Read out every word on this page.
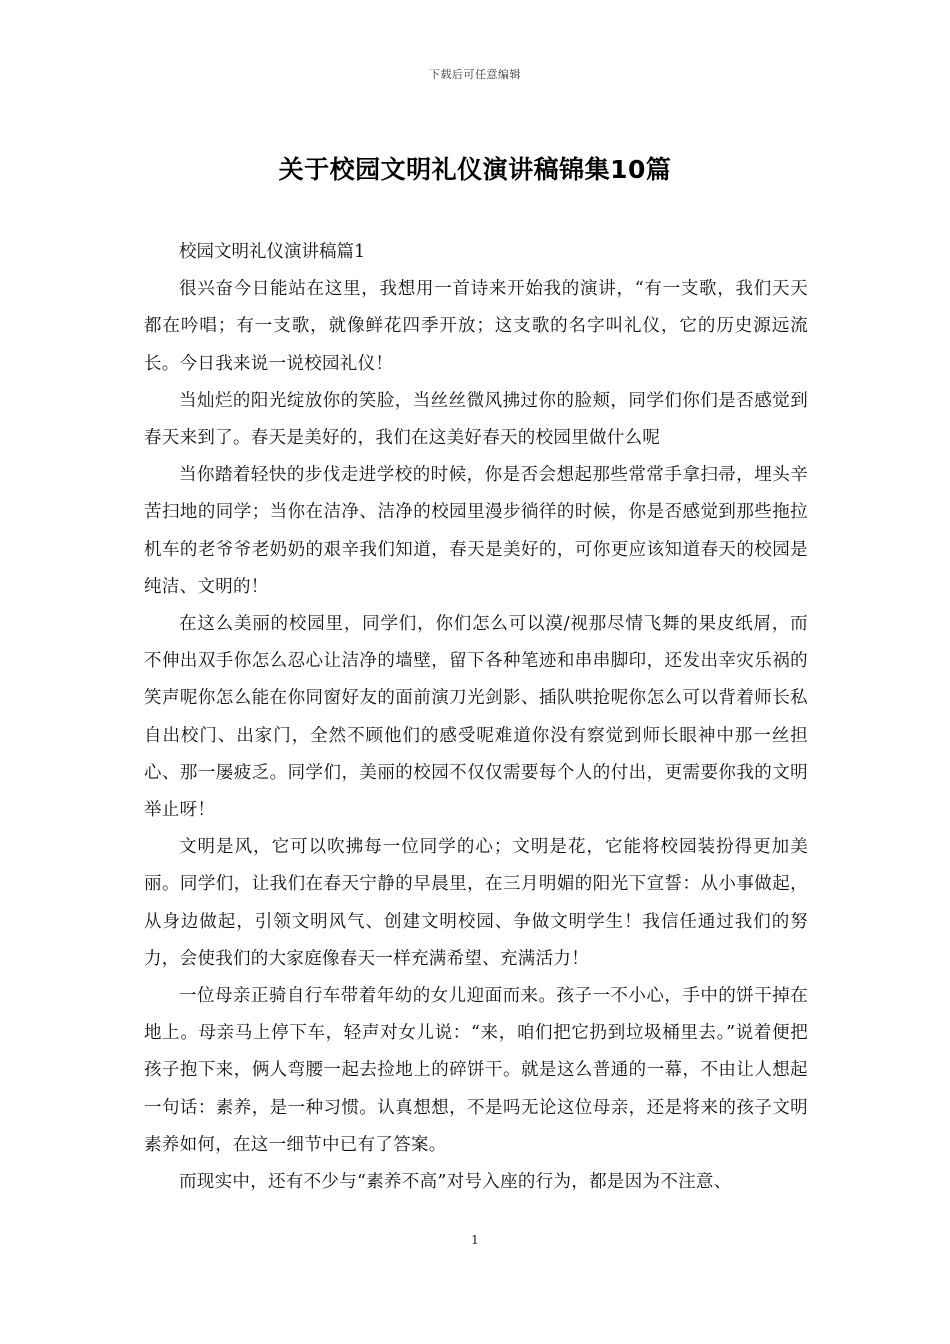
下载后可任意编辑
关于校园文明礼仪演讲稿锦集10篇

校园文明礼仪演讲稿篇1

很兴奋今日能站在这里，我想用一首诗来开始我的演讲，“有一支歌，我们天天都在吟唱；有一支歌，就像鲜花四季开放；这支歌的名字叫礼仪，它的历史源远流长。今日我来说一说校园礼仪！

当灿烂的阳光绽放你的笑脸，当丝丝微风拂过你的脸颊，同学们你们是否感觉到春天来到了。春天是美好的，我们在这美好春天的校园里做什么呢

当你踏着轻快的步伐走进学校的时候，你是否会想起那些常常手拿扫帚，埋头辛苦扫地的同学；当你在洁净、洁净的校园里漫步徜徉的时候，你是否感觉到那些拖拉机车的老爷爷老奶奶的艰辛我们知道，春天是美好的，可你更应该知道春天的校园是纯洁、文明的！

在这么美丽的校园里，同学们，你们怎么可以漠/视那尽情飞舞的果皮纸屑，而不伸出双手你怎么忍心让洁净的墙壁，留下各种笔迹和串串脚印，还发出幸灾乐祸的笑声呢你怎么能在你同窗好友的面前演刀光剑影、插队哄抢呢你怎么可以背着师长私自出校门、出家门，全然不顾他们的感受呢难道你没有察觉到师长眼神中那一丝担心、那一屡疲乏。同学们，美丽的校园不仅仅需要每个人的付出，更需要你我的文明举止呀！

文明是风，它可以吹拂每一位同学的心；文明是花，它能将校园装扮得更加美丽。同学们，让我们在春天宁静的早晨里，在三月明媚的阳光下宣誓：从小事做起，从身边做起，引领文明风气、创建文明校园、争做文明学生！我信任通过我们的努力，会使我们的大家庭像春天一样充满希望、充满活力！

一位母亲正骑自行车带着年幼的女儿迎面而来。孩子一不小心，手中的饼干掉在地上。母亲马上停下车，轻声对女儿说：“来，咱们把它扔到垃圾桶里去。”说着便把孩子抱下来，俩人弯腰一起去捡地上的碎饼干。就是这么普通的一幕，不由让人想起一句话：素养，是一种习惯。认真想想，不是吗无论这位母亲，还是将来的孩子文明素养如何，在这一细节中已有了答案。

而现实中，还有不少与“素养不高”对号入座的行为，都是因为不注意、

1
